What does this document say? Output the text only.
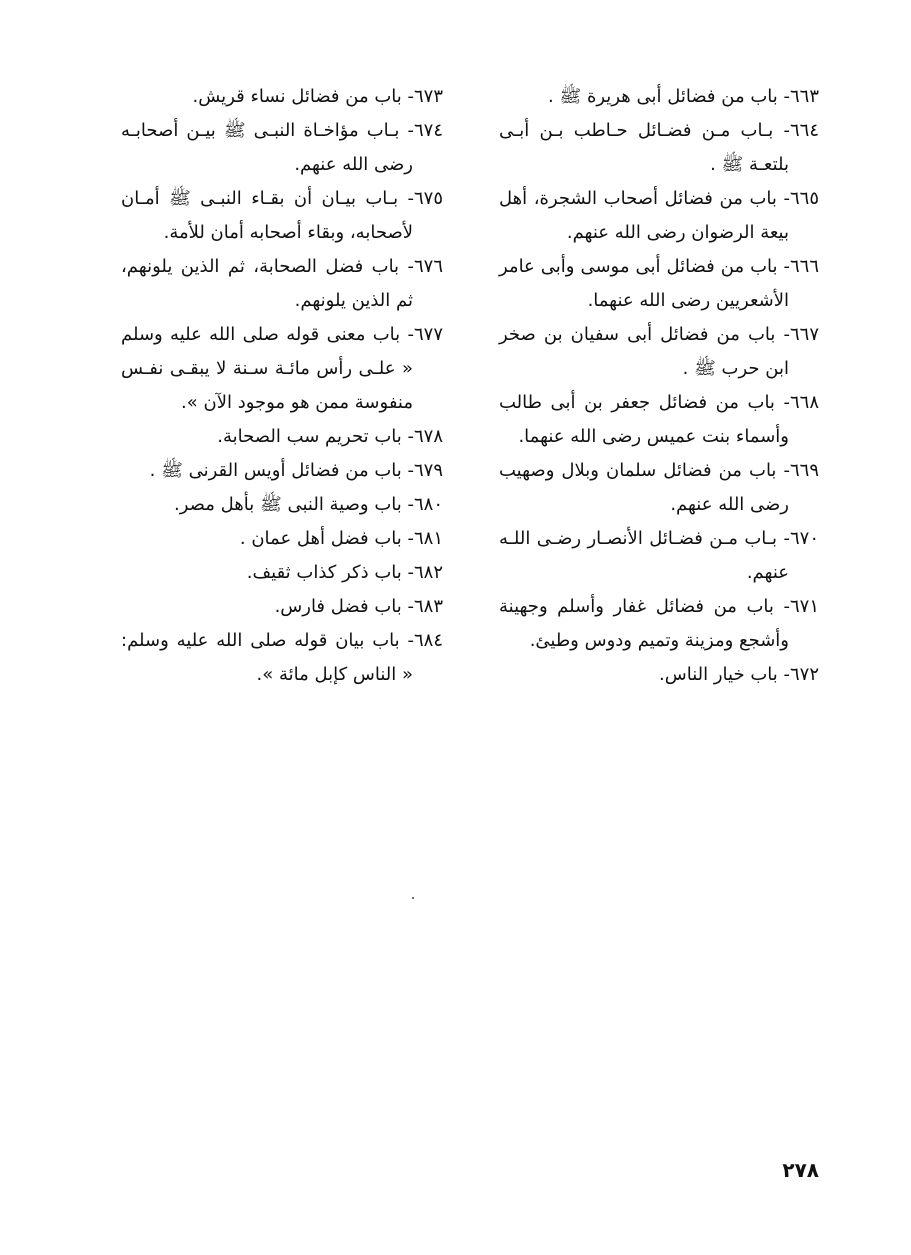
٦٦٣- باب من فضائل أبى هريرة ﷺ .

٦٦٤- بـاب مـن فضـائل حـاطب بـن أبـى بلتعـة ﷺ .

٦٦٥- باب من فضائل أصحاب الشجرة، أهل بيعة الرضوان رضى الله عنهم.

٦٦٦- باب من فضائل أبى موسى وأبى عامر الأشعريين رضى الله عنهما.

٦٦٧- باب من فضائل أبى سفيان بن صخر ابن حرب ﷺ .

٦٦٨- باب من فضائل جعفر بن أبى طالب وأسماء بنت عميس رضى الله عنهما.

٦٦٩- باب من فضائل سلمان وبلال وصهيب رضى الله عنهم.

٦٧٠- بـاب مـن فضـائل الأنصـار رضـى اللـه عنهم.

٦٧١- باب من فضائل غفار وأسلم وجهينة وأشجع ومزينة وتميم ودوس وطيئ.

٦٧٢- باب خيار الناس.

٦٧٣- باب من فضائل نساء قريش.

٦٧٤- بـاب مؤاخـاة النبـى ﷺ بيـن أصحابـه رضى الله عنهم.

٦٧٥- بـاب بيـان أن بقـاء النبـى ﷺ أمـان لأصحابه، وبقاء أصحابه أمان للأمة.

٦٧٦- باب فضل الصحابة، ثم الذين يلونهم، ثم الذين يلونهم.

٦٧٧- باب معنى قوله صلى الله عليه وسلم « علـى رأس مائـة سـنة لا يبقـى نفـس منفوسة ممن هو موجود الآن ».

٦٧٨- باب تحريم سب الصحابة.

٦٧٩- باب من فضائل أويس القرنى ﷺ .

٦٨٠- باب وصية النبى ﷺ بأهل مصر.

٦٨١- باب فضل أهل عمان .

٦٨٢- باب ذكر كذاب ثقيف.

٦٨٣- باب فضل فارس.

٦٨٤- باب بيان قوله صلى الله عليه وسلم: « الناس كإبل مائة ».

٢٧٨
